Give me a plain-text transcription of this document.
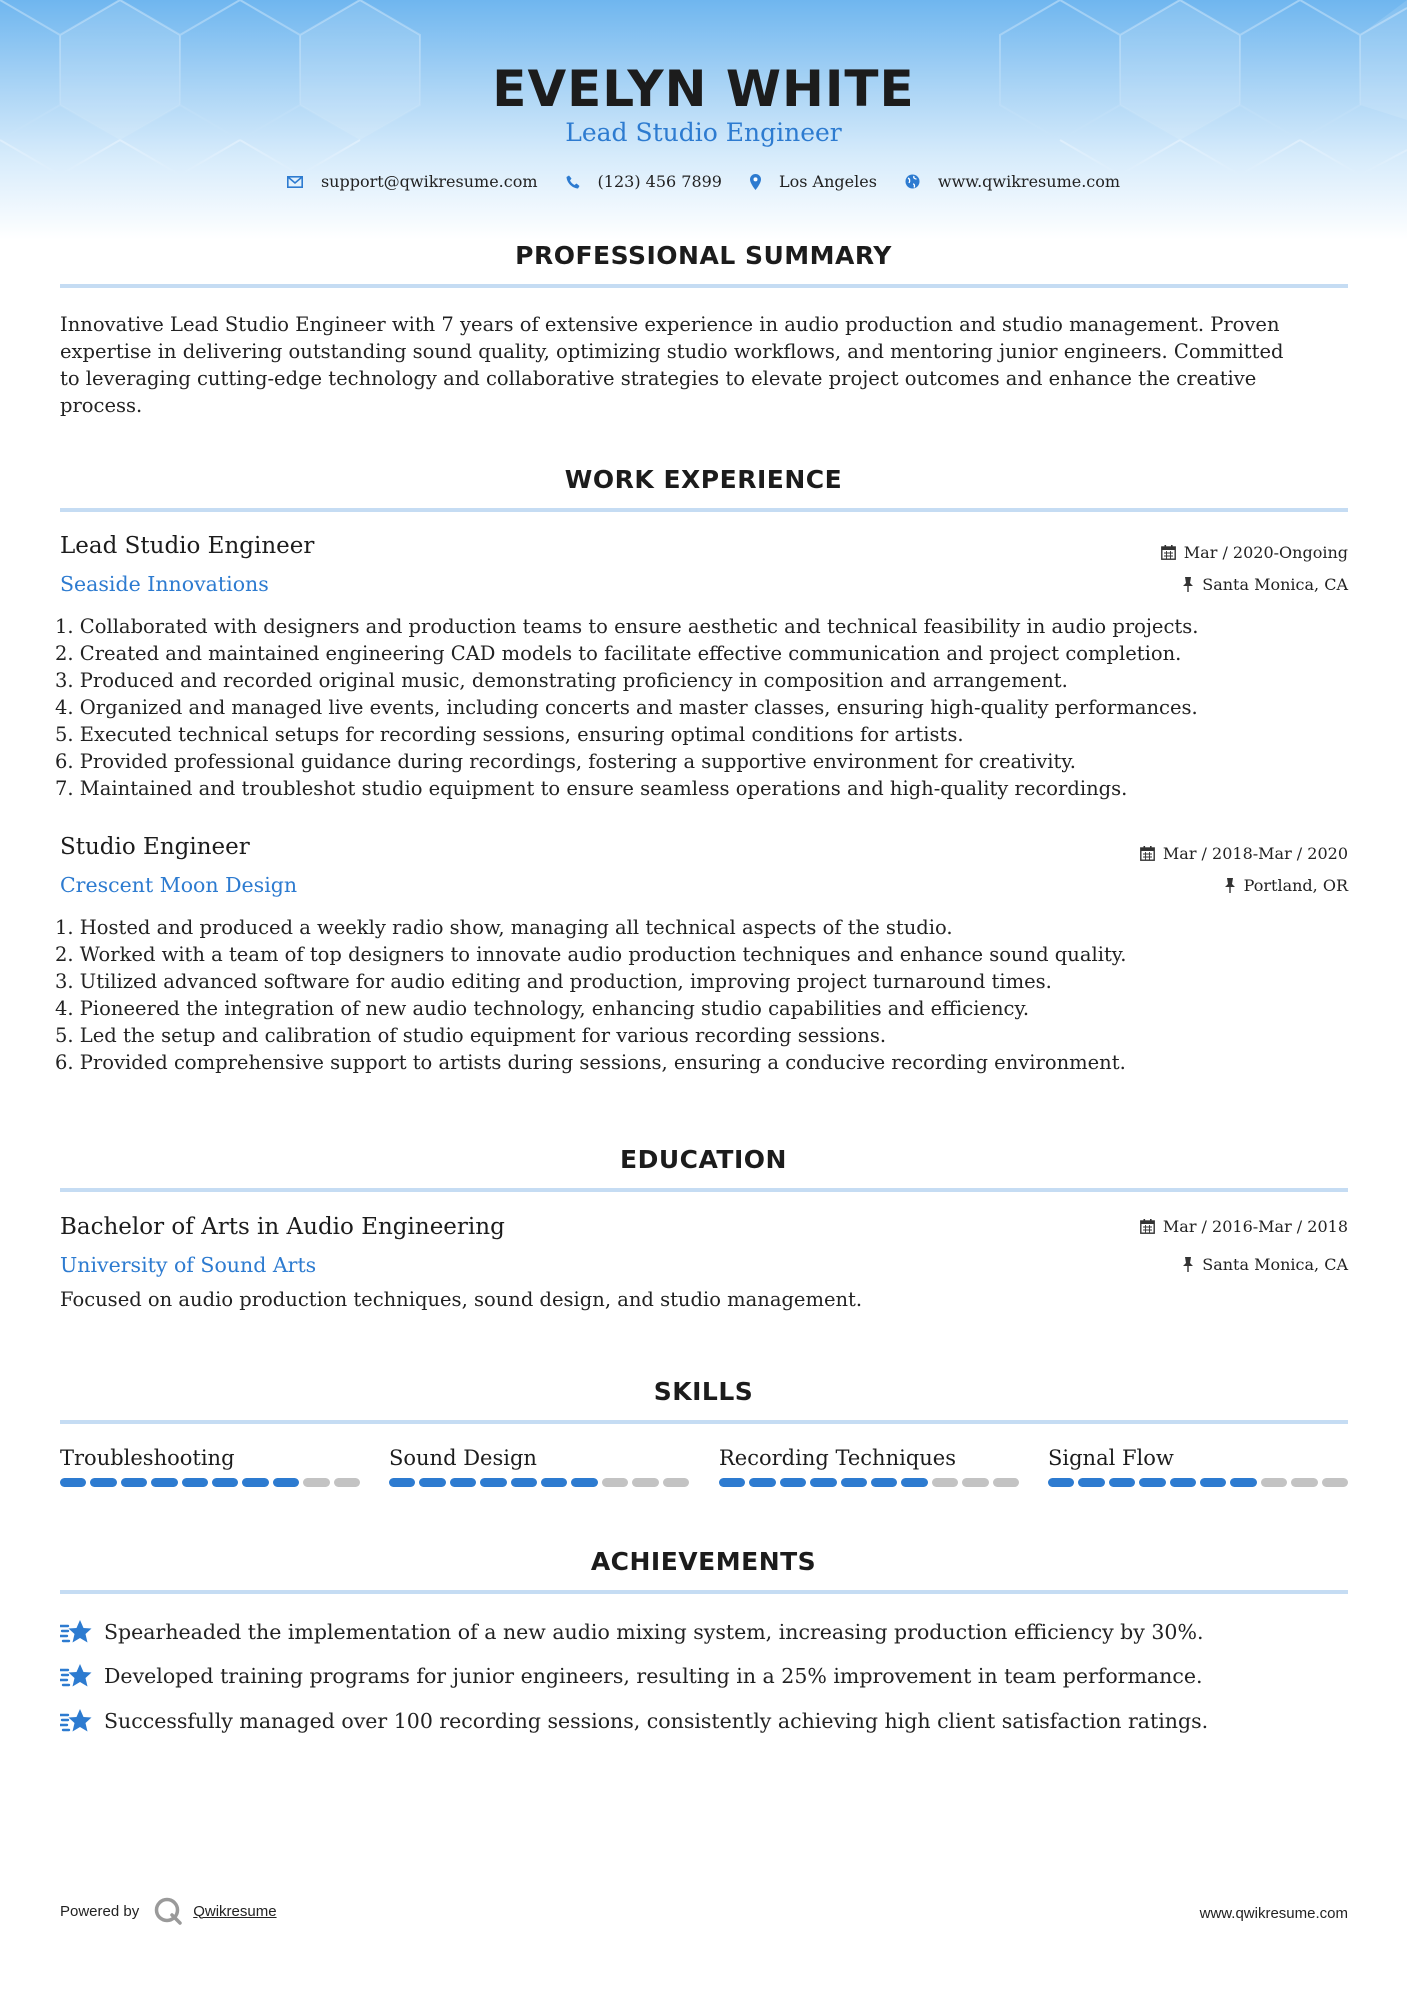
EVELYN WHITE
Lead Studio Engineer
support@qwikresume.com	(123) 456 7899	Los Angeles	www.qwikresume.com
PROFESSIONAL SUMMARY
Innovative Lead Studio Engineer with 7 years of extensive experience in audio production and studio management. Proven
expertise in delivering outstanding sound quality, optimizing studio workflows, and mentoring junior engineers. Committed
to leveraging cutting-edge technology and collaborative strategies to elevate project outcomes and enhance the creative
process.
WORK EXPERIENCE
Lead Studio Engineer
Seaside Innovations
Mar / 2020-Ongoing
Santa Monica, CA
1. Collaborated with designers and production teams to ensure aesthetic and technical feasibility in audio projects.
2. Created and maintained engineering CAD models to facilitate effective communication and project completion.
3. Produced and recorded original music, demonstrating proficiency in composition and arrangement.
4. Organized and managed live events, including concerts and master classes, ensuring high-quality performances.
5. Executed technical setups for recording sessions, ensuring optimal conditions for artists.
6. Provided professional guidance during recordings, fostering a supportive environment for creativity.
7. Maintained and troubleshot studio equipment to ensure seamless operations and high-quality recordings.
Studio Engineer
Crescent Moon Design
Mar / 2018-Mar / 2020
Portland, OR
1. Hosted and produced a weekly radio show, managing all technical aspects of the studio.
2. Worked with a team of top designers to innovate audio production techniques and enhance sound quality.
3. Utilized advanced software for audio editing and production, improving project turnaround times.
4. Pioneered the integration of new audio technology, enhancing studio capabilities and efficiency.
5. Led the setup and calibration of studio equipment for various recording sessions.
6. Provided comprehensive support to artists during sessions, ensuring a conducive recording environment.
EDUCATION
Bachelor of Arts in Audio Engineering
University of Sound Arts
Mar / 2016-Mar / 2018
Santa Monica, CA
Focused on audio production techniques, sound design, and studio management.
SKILLS
Troubleshooting	Sound Design	Recording Techniques	Signal Flow
ACHIEVEMENTS
Spearheaded the implementation of a new audio mixing system, increasing production efficiency by 30%.
Developed training programs for junior engineers, resulting in a 25% improvement in team performance.
Successfully managed over 100 recording sessions, consistently achieving high client satisfaction ratings.
Powered by	Qwikresume	www.qwikresume.com
